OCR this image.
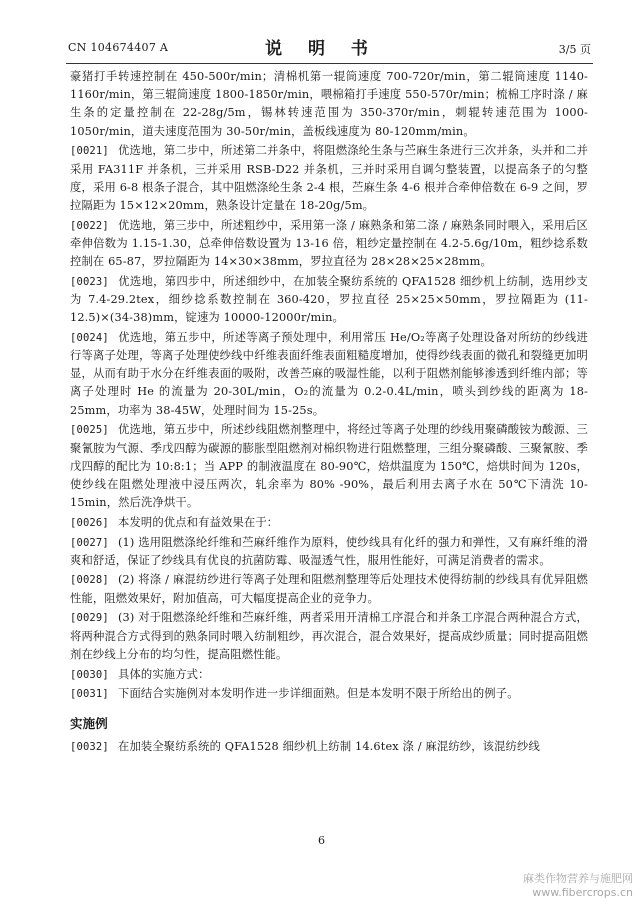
CN 104674407 A	说 明 书	3/5 页

豪猪打手转速控制在 450-500r/min；清棉机第一辊筒速度 700-720r/min，第二辊筒速度 1140-1160r/min，第三辊筒速度 1800-1850r/min，喂棉箱打手速度 550-570r/min；梳棉工序时涤 / 麻生条的定量控制在 22-28g/5m，锡林转速范围为 350-370r/min，刺辊转速范围为 1000-1050r/min，道夫速度范围为 30-50r/min，盖板线速度为 80-120mm/min。

[0021] 优选地，第二步中，所述第二并条中，将阻燃涤纶生条与苎麻生条进行三次并条，头并和二并采用 FA311F 并条机，三并采用 RSB-D22 并条机，三并时采用自调匀整装置，以提高条子的匀整度，采用 6-8 根条子混合，其中阻燃涤纶生条 2-4 根，苎麻生条 4-6 根并合牵伸倍数在 6-9 之间，罗拉隔距为 15×12×20mm，熟条设计定量在 18-20g/5m。

[0022] 优选地，第三步中，所述粗纱中，采用第一涤 / 麻熟条和第二涤 / 麻熟条同时喂入，采用后区牵伸倍数为 1.15-1.30，总牵伸倍数设置为 13-16 倍，粗纱定量控制在 4.2-5.6g/10m，粗纱捻系数控制在 65-87，罗拉隔距为 14×30×38mm，罗拉直径为 28×28×25×28mm。

[0023] 优选地，第四步中，所述细纱中，在加装全聚纺系统的 QFA1528 细纱机上纺制，选用纱支为 7.4-29.2tex，细纱捻系数控制在 360-420，罗拉直径 25×25×50mm，罗拉隔距为 (11-12.5)×(34-38)mm，锭速为 10000-12000r/min。

[0024] 优选地，第五步中，所述等离子预处理中，利用常压 He/O₂等离子处理设备对所纺的纱线进行等离子处理，等离子处理使纱线中纤维表面纤维表面粗糙度增加，使得纱线表面的微孔和裂缝更加明显，从而有助于水分在纤维表面的吸附，改善苎麻的吸湿性能，以利于阻燃剂能够渗透到纤维内部；等离子处理时 He 的流量为 20-30L/min，O₂的流量为 0.2-0.4L/min，喷头到纱线的距离为 18-25mm，功率为 38-45W，处理时间为 15-25s。

[0025] 优选地，第五步中，所述纱线阻燃剂整理中，将经过等离子处理的纱线用聚磷酸铵为酸源、三聚氰胺为气源、季戊四醇为碳源的膨胀型阻燃剂对棉织物进行阻燃整理，三组分聚磷酸、三聚氰胺、季戊四醇的配比为 10:8:1；当 APP 的制液温度在 80-90℃，焙烘温度为 150℃，焙烘时间为 120s，使纱线在阻燃处理液中浸压两次，轧余率为 80% -90%，最后利用去离子水在 50℃下清洗 10-15min，然后洗净烘干。

[0026] 本发明的优点和有益效果在于：

[0027] (1) 选用阻燃涤纶纤维和苎麻纤维作为原料，使纱线具有化纤的强力和弹性，又有麻纤维的滑爽和舒适，保证了纱线具有优良的抗菌防霉、吸湿透气性，服用性能好，可满足消费者的需求。

[0028] (2) 将涤 / 麻混纺纱进行等离子处理和阻燃剂整理等后处理技术使得纺制的纱线具有优异阻燃性能，阻燃效果好，附加值高，可大幅度提高企业的竞争力。

[0029] (3) 对于阻燃涤纶纤维和苎麻纤维，两者采用开清棉工序混合和并条工序混合两种混合方式，将两种混合方式得到的熟条同时喂入纺制粗纱，再次混合，混合效果好，提高成纱质量；同时提高阻燃剂在纱线上分布的均匀性，提高阻燃性能。

[0030] 具体的实施方式：

[0031] 下面结合实施例对本发明作进一步详细面熟。但是本发明不限于所给出的例子。

实施例

[0032] 在加装全聚纺系统的 QFA1528 细纱机上纺制 14.6tex 涤 / 麻混纺纱，该混纺纱线

6
麻类作物营养与施肥网
www.fibercrops.cn
